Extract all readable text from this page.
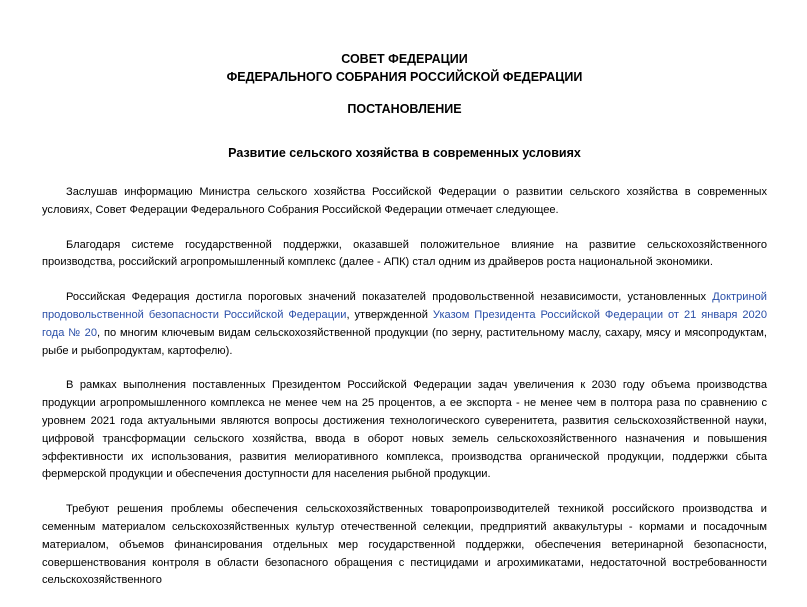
СОВЕТ ФЕДЕРАЦИИ

ФЕДЕРАЛЬНОГО СОБРАНИЯ РОССИЙСКОЙ ФЕДЕРАЦИИ

ПОСТАНОВЛЕНИЕ

Развитие сельского хозяйства в современных условиях

Заслушав информацию Министра сельского хозяйства Российской Федерации о развитии сельского хозяйства в современных условиях, Совет Федерации Федерального Собрания Российской Федерации отмечает следующее.

Благодаря системе государственной поддержки, оказавшей положительное влияние на развитие сельскохозяйственного производства, российский агропромышленный комплекс (далее - АПК) стал одним из драйверов роста национальной экономики.

Российская Федерация достигла пороговых значений показателей продовольственной независимости, установленных Доктриной продовольственной безопасности Российской Федерации, утвержденной Указом Президента Российской Федерации от 21 января 2020 года № 20, по многим ключевым видам сельскохозяйственной продукции (по зерну, растительному маслу, сахару, мясу и мясопродуктам, рыбе и рыбопродуктам, картофелю).

В рамках выполнения поставленных Президентом Российской Федерации задач увеличения к 2030 году объема производства продукции агропромышленного комплекса не менее чем на 25 процентов, а ее экспорта - не менее чем в полтора раза по сравнению с уровнем 2021 года актуальными являются вопросы достижения технологического суверенитета, развития сельскохозяйственной науки, цифровой трансформации сельского хозяйства, ввода в оборот новых земель сельскохозяйственного назначения и повышения эффективности их использования, развития мелиоративного комплекса, производства органической продукции, поддержки сбыта фермерской продукции и обеспечения доступности для населения рыбной продукции.

Требуют решения проблемы обеспечения сельскохозяйственных товаропроизводителей техникой российского производства и семенным материалом сельскохозяйственных культур отечественной селекции, предприятий аквакультуры - кормами и посадочным материалом, объемов финансирования отдельных мер государственной поддержки, обеспечения ветеринарной безопасности, совершенствования контроля в области безопасного обращения с пестицидами и агрохимикатами, недостаточной востребованности сельскохозяйственного
